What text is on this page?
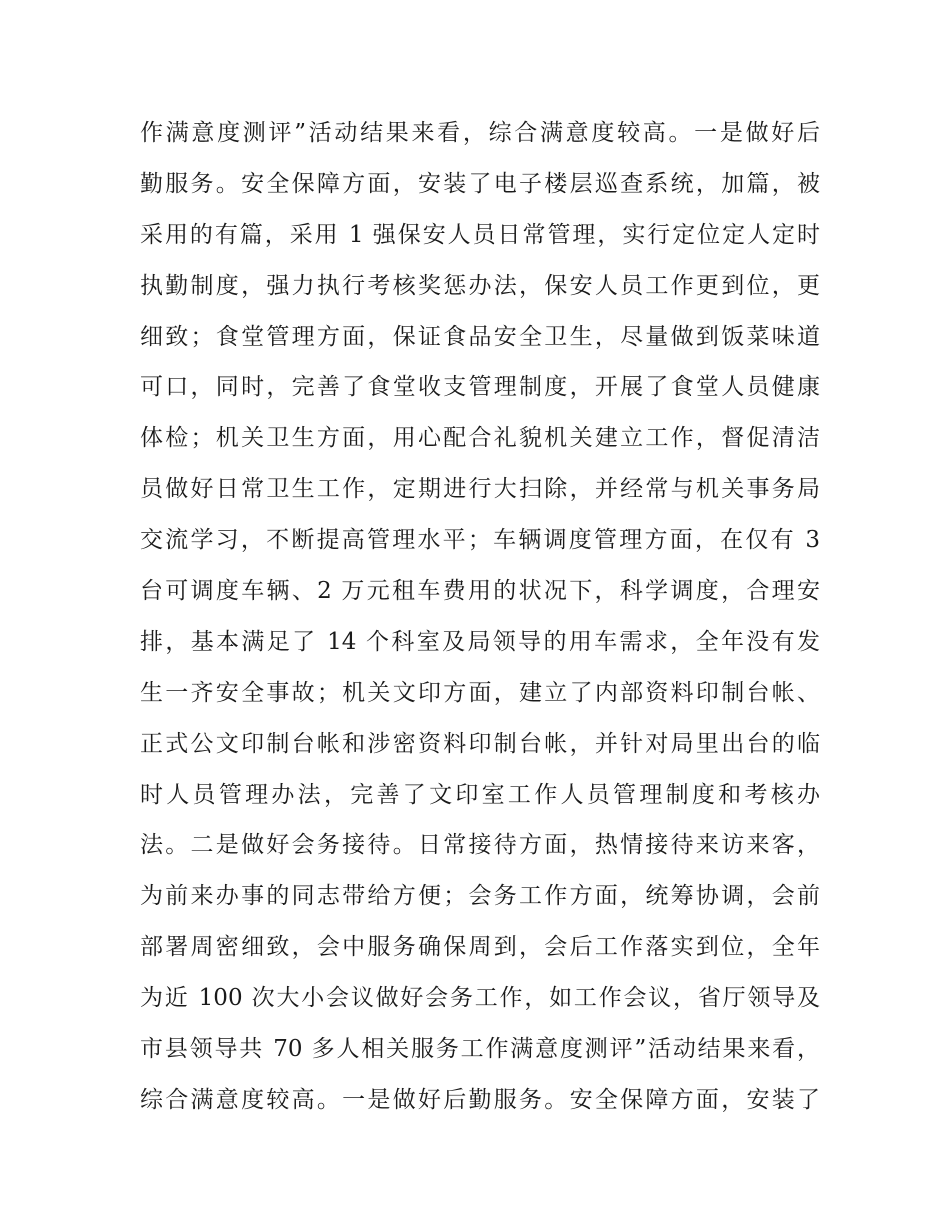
作满意度测评”活动结果来看，综合满意度较高。一是做好后
勤服务。安全保障方面，安装了电子楼层巡查系统，加篇，被
采用的有篇，采用 1 强保安人员日常管理，实行定位定人定时
执勤制度，强力执行考核奖惩办法，保安人员工作更到位，更
细致；食堂管理方面，保证食品安全卫生，尽量做到饭菜味道
可口，同时，完善了食堂收支管理制度，开展了食堂人员健康
体检；机关卫生方面，用心配合礼貌机关建立工作，督促清洁
员做好日常卫生工作，定期进行大扫除，并经常与机关事务局
交流学习，不断提高管理水平；车辆调度管理方面，在仅有 3
台可调度车辆、2 万元租车费用的状况下，科学调度，合理安
排，基本满足了 14 个科室及局领导的用车需求，全年没有发
生一齐安全事故；机关文印方面，建立了内部资料印制台帐、
正式公文印制台帐和涉密资料印制台帐，并针对局里出台的临
时人员管理办法，完善了文印室工作人员管理制度和考核办
法。二是做好会务接待。日常接待方面，热情接待来访来客，
为前来办事的同志带给方便；会务工作方面，统筹协调，会前
部署周密细致，会中服务确保周到，会后工作落实到位，全年
为近 100 次大小会议做好会务工作，如工作会议，省厅领导及
市县领导共 70 多人相关服务工作满意度测评”活动结果来看，
综合满意度较高。一是做好后勤服务。安全保障方面，安装了
